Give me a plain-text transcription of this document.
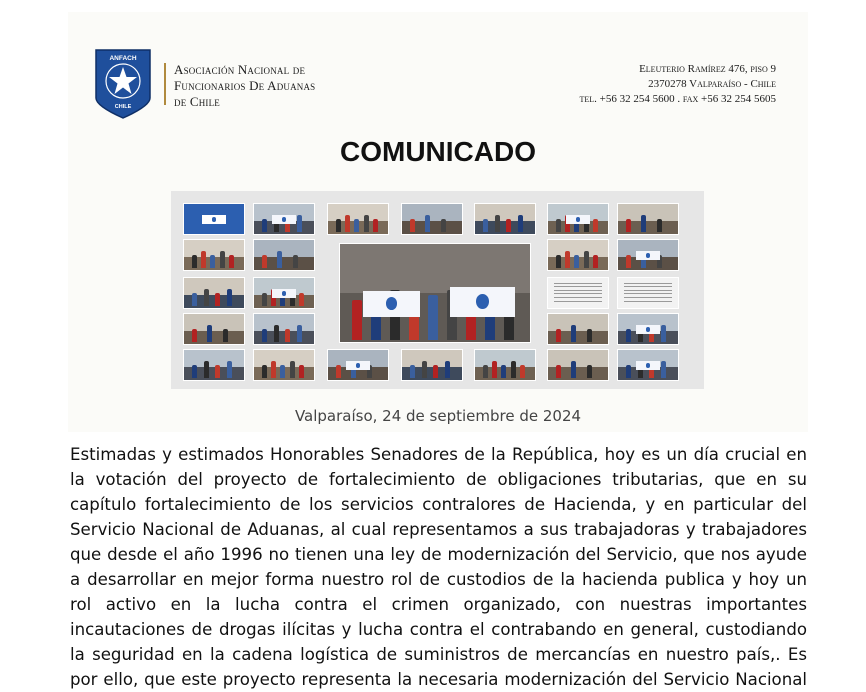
ANFACH
CHILE
Asociación Nacional de
Funcionarios De Aduanas
de Chile
Eleuterio Ramírez 476, piso 9
2370278 Valparaíso - Chile
tel. +56 32 254 5600 . fax +56 32 254 5605
COMUNICADO
Valparaíso, 24 de septiembre de 2024
Estimadas y estimados Honorables Senadores de la República, hoy es un día crucial en
la votación del proyecto de fortalecimiento de obligaciones tributarias, que en su
capítulo fortalecimiento de los servicios contralores de Hacienda, y en particular del
Servicio Nacional de Aduanas, al cual representamos a sus trabajadoras y trabajadores
que desde el año 1996 no tienen una ley de modernización del Servicio, que nos ayude
a desarrollar en mejor forma nuestro rol de custodios de la hacienda publica y hoy un
rol activo en la lucha contra el crimen organizado, con nuestras importantes
incautaciones de drogas ilícitas y lucha contra el contrabando en general, custodiando
la seguridad en la cadena logística de suministros de mercancías en nuestro país,. Es
por ello, que este proyecto representa la necesaria modernización del Servicio Nacional
